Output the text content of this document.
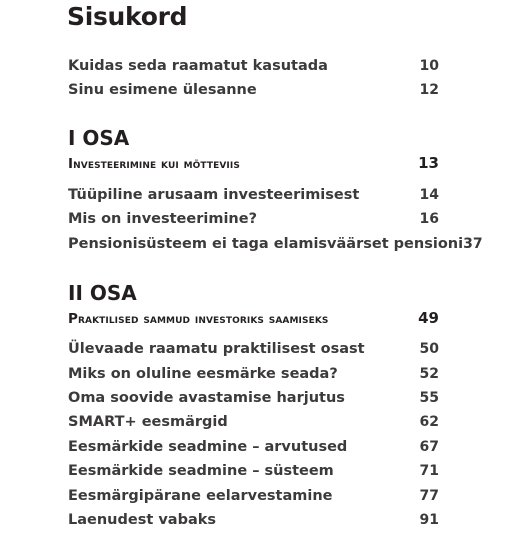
Sisukord
Kuidas seda raamatut kasutada	10
Sinu esimene ülesanne	12
I OSA
Investeerimine kui mõtteviis	13
Tüüpiline arusaam investeerimisest	14
Mis on investeerimine?	16
Pensionisüsteem ei taga elamisväärset pensioni 37
II OSA
Praktilised sammud investoriks saamiseks	49
Ülevaade raamatu praktilisest osast	50
Miks on oluline eesmärke seada?	52
Oma soovide avastamise harjutus	55
SMART+ eesmärgid	62
Eesmärkide seadmine – arvutused	67
Eesmärkide seadmine – süsteem	71
Eesmärgipärane eelarvestamine	77
Laenudest vabaks	91
